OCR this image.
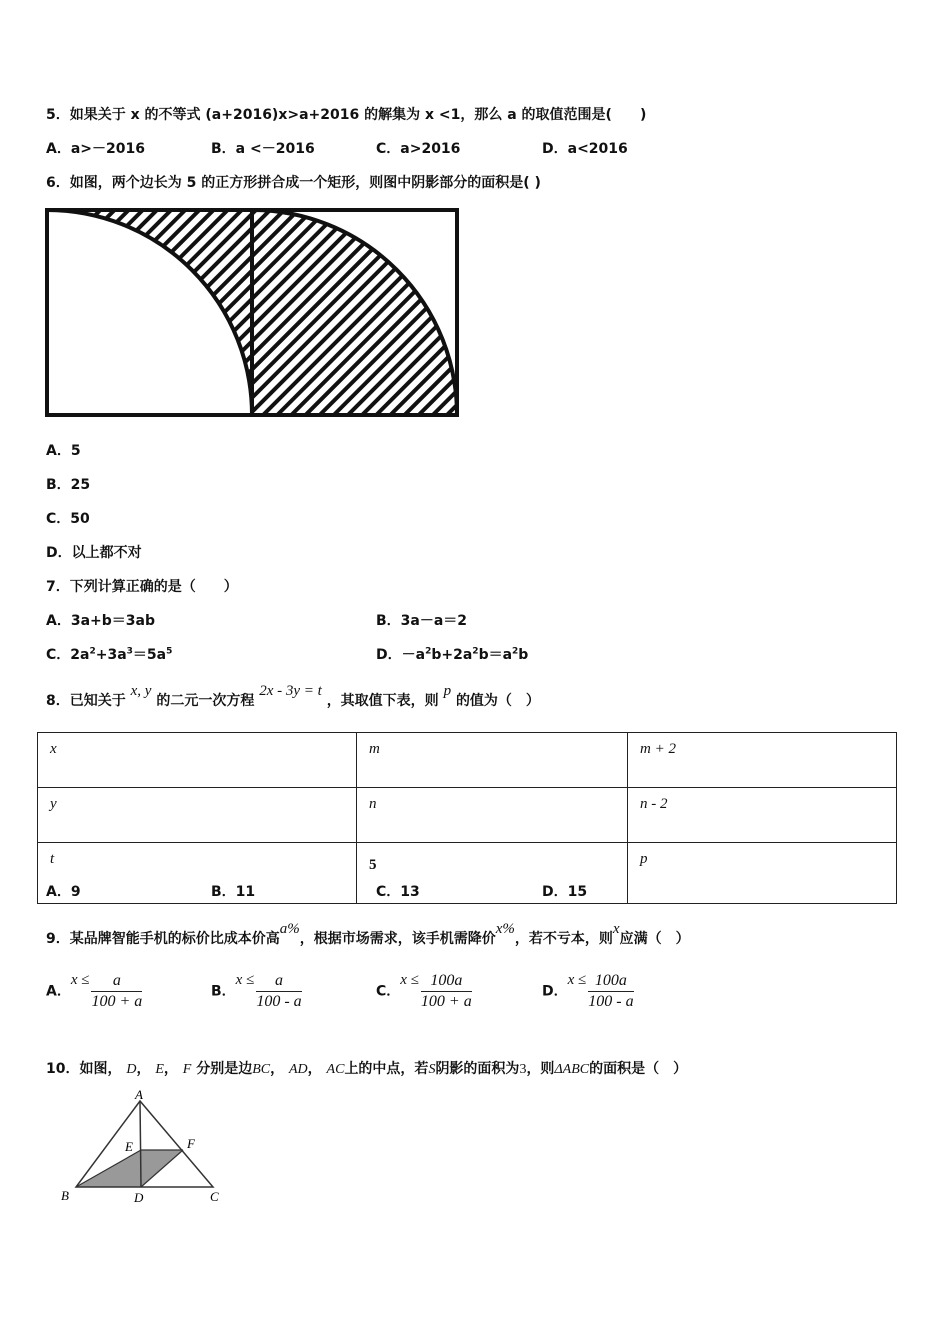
5．如果关于 x 的不等式 (a+2016)x>a+2016 的解集为 x <1，那么 a 的取值范围是(　　)
A．a>－2016	B．a <－2016	C．a>2016	D．a<2016
6．如图，两个边长为 5 的正方形拼合成一个矩形，则图中阴影部分的面积是( )
A．5
B．25
C．50
D．以上都不对
7．下列计算正确的是（　　）
A．3a+b＝3ab	B．3a－a＝2
C．$2a^2+3a^3=5a^5$	D．$-a^2b+2a^2b=a^2b$
8．已知关于 x, y 的二元一次方程 2x - 3y = t ，其取值下表，则 p 的值为（　）
x	m	m + 2
y	n	n - 2
t	5	p
A．9	B．11	C．13	D．15
9．某品牌智能手机的标价比成本价高a%，根据市场需求，该手机需降价x%，若不亏本，则x应满（　）
A．$x \le \frac{a}{100 + a}$	B．$x \le \frac{a}{100 - a}$	C．$x \le \frac{100a}{100 + a}$	D．$x \le \frac{100a}{100 - a}$
10．如图， D， E， F 分别是边BC， AD， AC上的中点，若S阴影的面积为3，则ΔABC的面积是（　）
A
B	C
D
E	F
